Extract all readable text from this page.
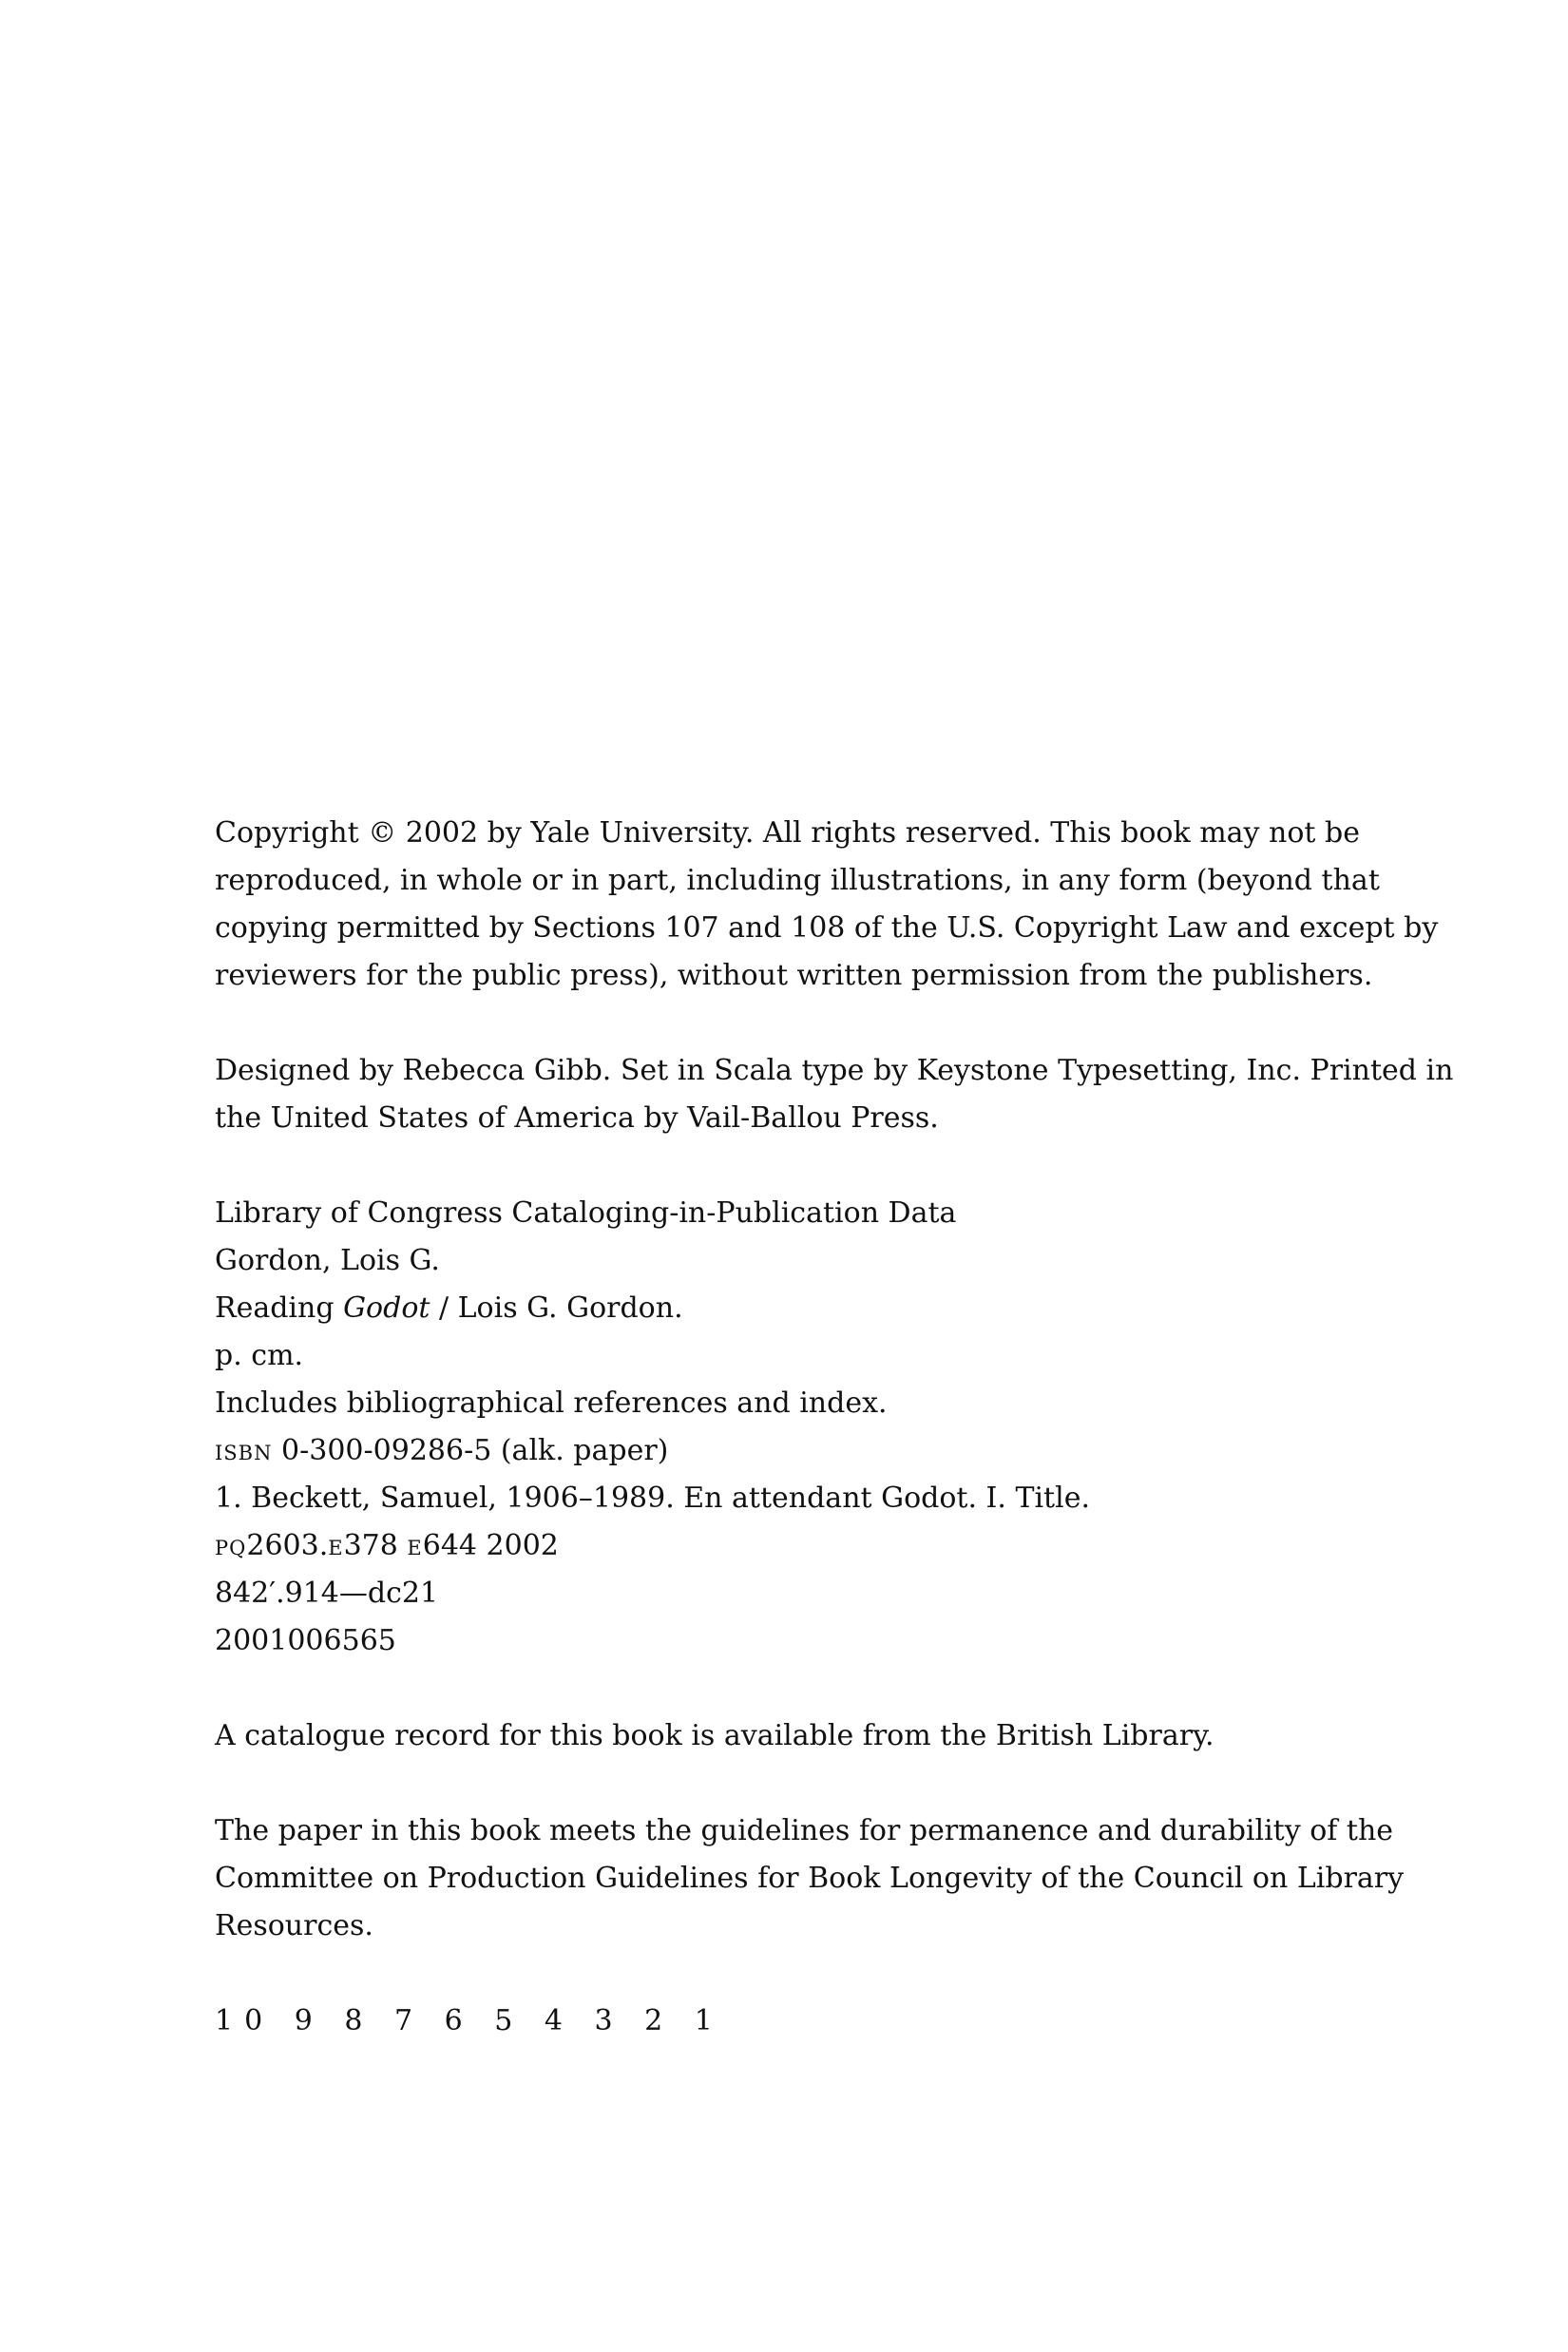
Copyright © 2002 by Yale University. All rights reserved. This book may not be
reproduced, in whole or in part, including illustrations, in any form (beyond that
copying permitted by Sections 107 and 108 of the U.S. Copyright Law and except by
reviewers for the public press), without written permission from the publishers.

Designed by Rebecca Gibb. Set in Scala type by Keystone Typesetting, Inc. Printed in
the United States of America by Vail-Ballou Press.

Library of Congress Cataloging-in-Publication Data
Gordon, Lois G.
Reading Godot / Lois G. Gordon.
p. cm.
Includes bibliographical references and index.
isbn 0-300-09286-5 (alk. paper)
1. Beckett, Samuel, 1906–1989. En attendant Godot. I. Title.
pq2603.e378 e644 2002
842′.914—dc21
2001006565

A catalogue record for this book is available from the British Library.

The paper in this book meets the guidelines for permanence and durability of the
Committee on Production Guidelines for Book Longevity of the Council on Library
Resources.

10 9 8 7 6 5 4 3 2 1
